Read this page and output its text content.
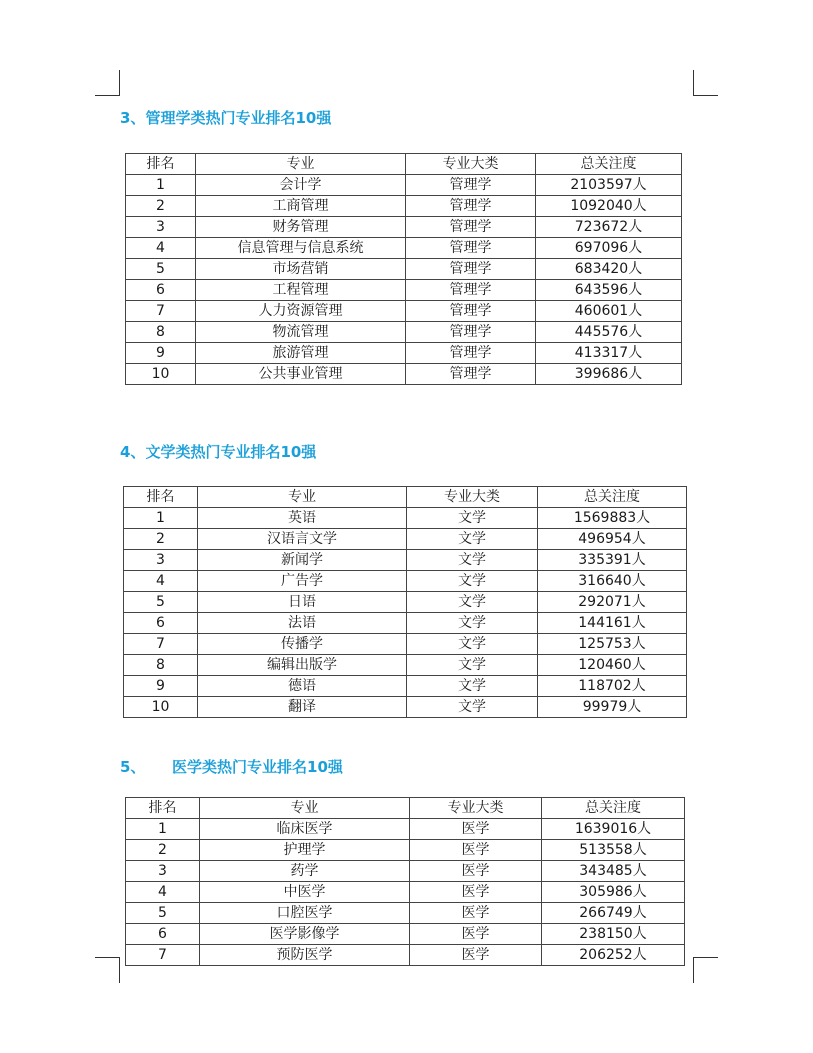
3、管理学类热门专业排名10强
排名	专业	专业大类	总关注度
1	会计学	管理学	2103597人
2	工商管理	管理学	1092040人
3	财务管理	管理学	723672人
4	信息管理与信息系统	管理学	697096人
5	市场营销	管理学	683420人
6	工程管理	管理学	643596人
7	人力资源管理	管理学	460601人
8	物流管理	管理学	445576人
9	旅游管理	管理学	413317人
10	公共事业管理	管理学	399686人
4、文学类热门专业排名10强
排名	专业	专业大类	总关注度
1	英语	文学	1569883人
2	汉语言文学	文学	496954人
3	新闻学	文学	335391人
4	广告学	文学	316640人
5	日语	文学	292071人
6	法语	文学	144161人
7	传播学	文学	125753人
8	编辑出版学	文学	120460人
9	德语	文学	118702人
10	翻译	文学	99979人
5、 医学类热门专业排名10强
排名	专业	专业大类	总关注度
1	临床医学	医学	1639016人
2	护理学	医学	513558人
3	药学	医学	343485人
4	中医学	医学	305986人
5	口腔医学	医学	266749人
6	医学影像学	医学	238150人
7	预防医学	医学	206252人
